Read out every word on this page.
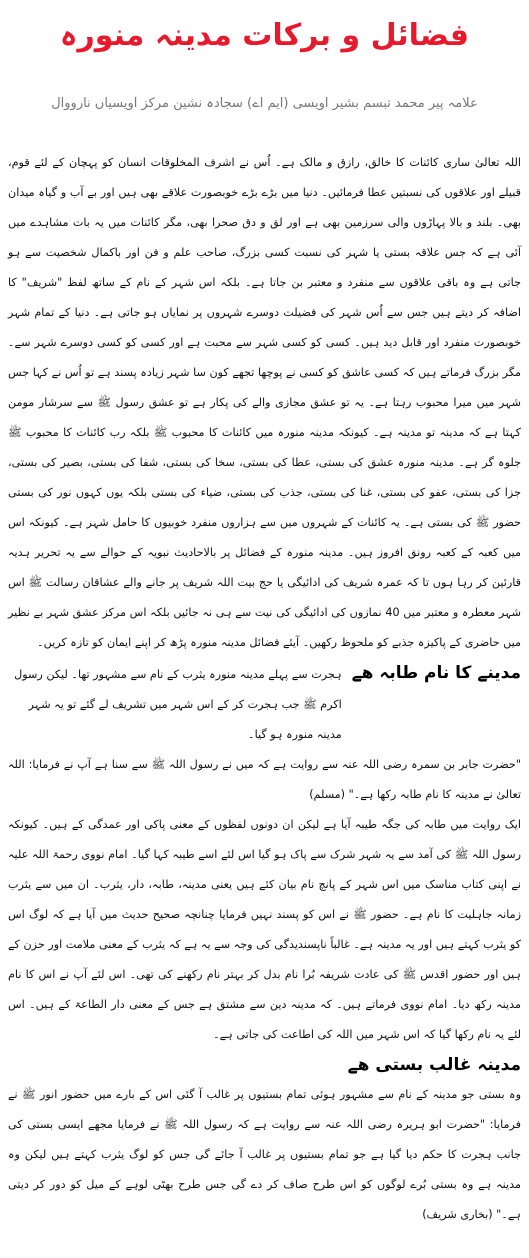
فضائل و برکات مدینہ منورہ
علامہ پیر محمد تبسم بشیر اویسی (ایم اے) سجادہ نشین مرکز اویسیاں نارووال

اللہ تعالیٰ ساری کائنات کا خالق، رازق و مالک ہے۔ اُس نے اشرف المخلوقات انسان کو پہچان کے لئے قوم، قبیلے اور علاقوں کی نسبتیں عطا فرمائیں۔ دنیا میں بڑے بڑے خوبصورت علاقے بھی ہیں اور بے آب و گیاہ میدان بھی۔ بلند و بالا پہاڑوں والی سرزمین بھی ہے اور لق و دق صحرا بھی، مگر کائنات میں یہ بات مشاہدے میں آئی ہے کہ جس علاقہ بستی یا شہر کی نسبت کسی بزرگ، صاحب علم و فن اور باکمال شخصیت سے ہو جاتی ہے وہ باقی علاقوں سے منفرد و معتبر بن جاتا ہے۔ بلکہ اس شہر کے نام کے ساتھ لفظ "شریف" کا اضافہ کر دیتے ہیں جس سے اُس شہر کی فضیلت دوسرے شہروں پر نمایاں ہو جاتی ہے۔ دنیا کے تمام شہر خوبصورت منفرد اور قابل دید ہیں۔ کسی کو کسی شہر سے محبت ہے اور کسی کو کسی دوسرے شہر سے۔ مگر بزرگ فرماتے ہیں کہ کسی عاشق کو کسی نے پوچھا تجھے کون سا شہر زیادہ پسند ہے تو اُس نے کہا جس شہر میں میرا محبوب رہتا ہے۔ یہ تو عشق مجازی والے کی پکار ہے تو عشق رسول ﷺ سے سرشار مومن کہتا ہے کہ مدینہ تو مدینہ ہے۔ کیونکہ مدینہ منورہ میں کائنات کا محبوب ﷺ بلکہ رب کائنات کا محبوب ﷺ جلوہ گر ہے۔ مدینہ منورہ عشق کی بستی، عطا کی بستی، سخا کی بستی، شفا کی بستی، بصیر کی بستی، جزا کی بستی، عفو کی بستی، غنا کی بستی، جذب کی بستی، ضیاء کی بستی بلکہ یوں کہوں نور کی بستی حضور ﷺ کی بستی ہے۔ یہ کائنات کے شہروں میں سے ہزاروں منفرد خوبیوں کا حامل شہر ہے۔ کیونکہ اس میں کعبہ کے کعبہ رونق افروز ہیں۔ مدینہ منورہ کے فضائل پر بالاحادیث نبویہ کے حوالے سے یہ تحریر ہدیہ قارئین کر رہا ہوں تا کہ عمرہ شریف کی ادائیگی یا حج بیت اللہ شریف پر جانے والے عشاقان رسالت ﷺ اس شہر معطرہ و معتبر میں 40 نمازوں کی ادائیگی کی نیت سے ہی نہ جائیں بلکہ اس مرکز عشق شہر بے نظیر میں حاضری کے پاکیزہ جذبے کو ملحوظ رکھیں۔ آیئے فضائل مدینہ منورہ پڑھ کر اپنے ایمان کو تازہ کریں۔

مدینے کا نام طابہ ھے
ہجرت سے پہلے مدینہ منورہ یثرب کے نام سے مشہور تھا۔ لیکن رسول اکرم ﷺ جب ہجرت کر کے اس شہر میں تشریف لے گئے تو یہ شہر مدینہ منورہ ہو گیا۔

"حضرت جابر بن سمرہ رضی اللہ عنہ سے روایت ہے کہ میں نے رسول اللہ ﷺ سے سنا ہے آپ نے فرمایا: اللہ تعالیٰ نے مدینہ کا نام طابہ رکھا ہے۔" (مسلم)

ایک روایت میں طابہ کی جگہ طیبہ آیا ہے لیکن ان دونوں لفظوں کے معنی پاکی اور عمدگی کے ہیں۔ کیونکہ رسول اللہ ﷺ کی آمد سے یہ شہر شرک سے پاک ہو گیا اس لئے اسے طیبہ کہا گیا۔ امام نووی رحمۃ اللہ علیہ نے اپنی کتاب مناسک میں اس شہر کے پانچ نام بیان کئے ہیں یعنی مدینہ، طابہ، دار، یثرب۔ ان میں سے یثرب زمانہ جاہلیت کا نام ہے۔ حضور ﷺ نے اس کو پسند نہیں فرمایا چنانچہ صحیح حدیث میں آیا ہے کہ لوگ اس کو یثرب کہتے ہیں اور یہ مدینہ ہے۔ غالباً ناپسندیدگی کی وجہ سے یہ ہے کہ یثرب کے معنی ملامت اور حزن کے ہیں اور حضور اقدس ﷺ کی عادت شریفہ بُرا نام بدل کر بہتر نام رکھنے کی تھی۔ اس لئے آپ نے اس کا نام مدینہ رکھ دیا۔ امام نووی فرماتے ہیں۔ کہ مدینہ دین سے مشتق ہے جس کے معنی دار الطاعۃ کے ہیں۔ اس لئے یہ نام رکھا گیا کہ اس شہر میں اللہ کی اطاعت کی جاتی ہے۔

مدینہ غالب بستی ھے

وہ بستی جو مدینہ کے نام سے مشہور ہوئی تمام بستیوں پر غالب آ گئی اس کے بارے میں حضور انور ﷺ نے فرمایا: "حضرت ابو ہریرہ رضی اللہ عنہ سے روایت ہے کہ رسول اللہ ﷺ نے فرمایا مجھے ایسی بستی کی جانب ہجرت کا حکم دیا گیا ہے جو تمام بستیوں پر غالب آ جائے گی جس کو لوگ یثرب کہتے ہیں لیکن وہ مدینہ ہے وہ بستی بُرے لوگوں کو اس طرح صاف کر دے گی جس طرح بھٹی لوہے کے میل کو دور کر دیتی ہے۔" (بخاری شریف)
